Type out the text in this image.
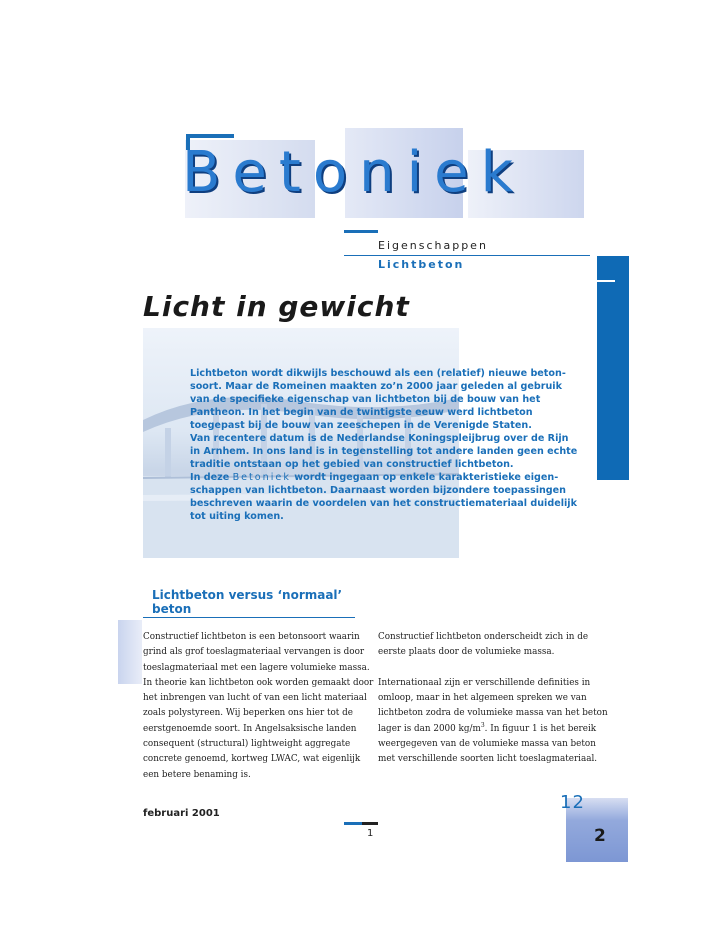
Betoniek
Eigenschappen
Lichtbeton
Licht in gewicht

Lichtbeton wordt dikwijls beschouwd als een (relatief) nieuwe beton-

soort. Maar de Romeinen maakten zo’n 2000 jaar geleden al gebruik

van de specifieke eigenschap van lichtbeton bij de bouw van het

Pantheon. In het begin van de twintigste eeuw werd lichtbeton

toegepast bij de bouw van zeeschepen in de Verenigde Staten.

Van recentere datum is de Nederlandse Koningspleijbrug over de Rijn

in Arnhem. In ons land is in tegenstelling tot andere landen geen echte

traditie ontstaan op het gebied van constructief lichtbeton.

In deze Betoniek wordt ingegaan op enkele karakteristieke eigen-

schappen van lichtbeton. Daarnaast worden bijzondere toepassingen

beschreven waarin de voordelen van het constructiemateriaal duidelijk

tot uiting komen.

Lichtbeton versus ‘normaal’
beton

Constructief lichtbeton is een betonsoort waarin

grind als grof toeslagmateriaal vervangen is door

toeslagmateriaal met een lagere volumieke massa.

In theorie kan lichtbeton ook worden gemaakt door

het inbrengen van lucht of van een licht materiaal

zoals polystyreen. Wij beperken ons hier tot de

eerstgenoemde soort. In Angelsaksische landen

consequent (structural) lightweight aggregate

concrete genoemd, kortweg LWAC, wat eigenlijk

een betere benaming is.

Constructief lichtbeton onderscheidt zich in de

eerste plaats door de volumieke massa.

Internationaal zijn er verschillende definities in

omloop, maar in het algemeen spreken we van

lichtbeton zodra de volumieke massa van het beton

lager is dan 2000 $kg/m^3$. In figuur 1 is het bereik

weergegeven van de volumieke massa van beton

met verschillende soorten licht toeslagmateriaal.

februari 2001
1
12
2
